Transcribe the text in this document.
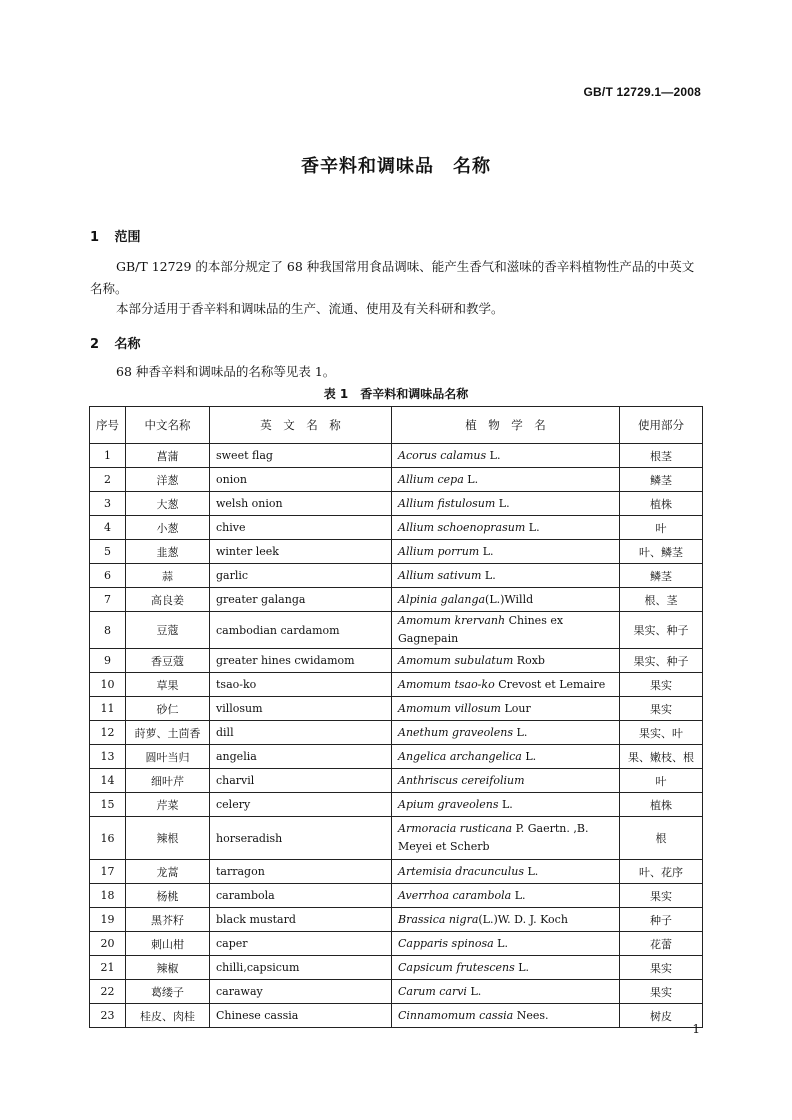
GB/T 12729.1—2008
香辛料和调味品　名称
1 范围
GB/T 12729 的本部分规定了 68 种我国常用食品调味、能产生香气和滋味的香辛料植物性产品的中英文名称。
本部分适用于香辛料和调味品的生产、流通、使用及有关科研和教学。
2 名称
68 种香辛料和调味品的名称等见表 1。
表 1　香辛料和调味品名称
序号	中文名称	英　文　名　称	植　物　学　名	使用部分
1	菖蒲	sweet flag	Acorus calamus L.	根茎
2	洋葱	onion	Allium cepa L.	鳞茎
3	大葱	welsh onion	Allium fistulosum L.	植株
4	小葱	chive	Allium schoenoprasum L.	叶
5	韭葱	winter leek	Allium porrum L.	叶、鳞茎
6	蒜	garlic	Allium sativum L.	鳞茎
7	高良姜	greater galanga	Alpinia galanga(L.)Willd	根、茎
8	豆蔻	cambodian cardamom	Amomum krervanh Chines ex Gagnepain	果实、种子
9	香豆蔻	greater hines cwidamom	Amomum subulatum Roxb	果实、种子
10	草果	tsao-ko	Amomum tsao-ko Crevost et Lemaire	果实
11	砂仁	villosum	Amomum villosum Lour	果实
12	莳萝、土茴香	dill	Anethum graveolens L.	果实、叶
13	圆叶当归	angelia	Angelica archangelica L.	果、嫩枝、根
14	细叶芹	charvil	Anthriscus cereifolium	叶
15	芹菜	celery	Apium graveolens L.	植株
16	辣根	horseradish	Armoracia rusticana P. Gaertn. ,B. Meyei et Scherb	根
17	龙蒿	tarragon	Artemisia dracunculus L.	叶、花序
18	杨桃	carambola	Averrhoa carambola L.	果实
19	黑芥籽	black mustard	Brassica nigra(L.)W. D. J. Koch	种子
20	刺山柑	caper	Capparis spinosa L.	花蕾
21	辣椒	chilli,capsicum	Capsicum frutescens L.	果实
22	葛缕子	caraway	Carum carvi L.	果实
23	桂皮、肉桂	Chinese cassia	Cinnamomum cassia Nees.	树皮
1
